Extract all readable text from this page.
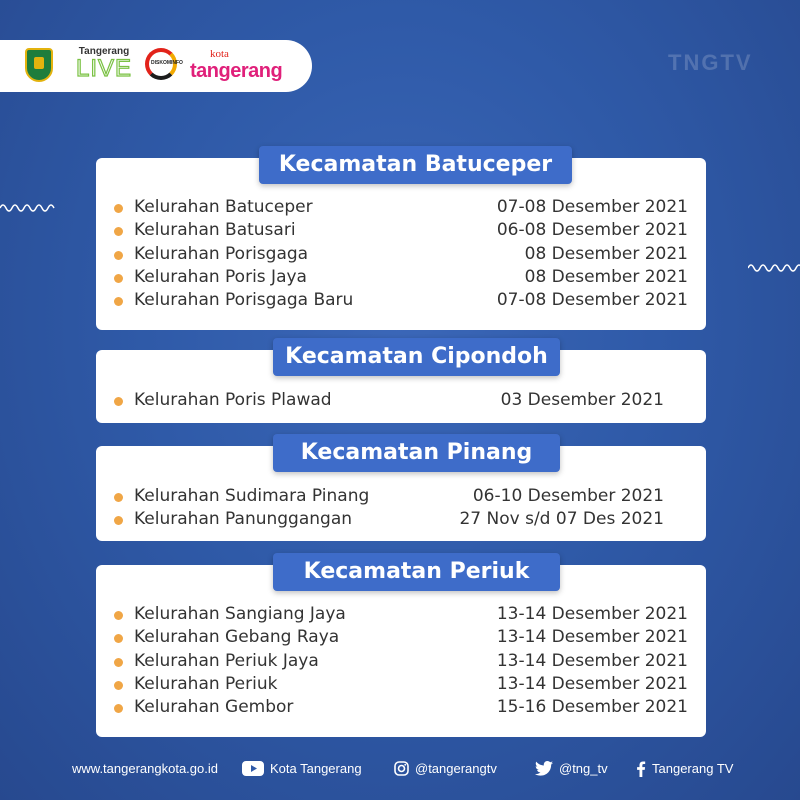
Tangerang
LIVE	DISKOMINFO
kota
tangerang	TNGTV
Kelurahan Batuceper	07-08 Desember 2021
Kelurahan Batusari	06-08 Desember 2021
Kelurahan Porisgaga	08 Desember 2021
Kelurahan Poris Jaya	08 Desember 2021
Kelurahan Porisgaga Baru	07-08 Desember 2021
Kecamatan Batuceper
Kelurahan Poris Plawad	03 Desember 2021
Kecamatan Cipondoh
Kelurahan Sudimara Pinang	06-10 Desember 2021
Kelurahan Panunggangan	27 Nov s/d 07 Des 2021
Kecamatan Pinang
Kelurahan Sangiang Jaya	13-14 Desember 2021
Kelurahan Gebang Raya	13-14 Desember 2021
Kelurahan Periuk Jaya	13-14 Desember 2021
Kelurahan Periuk	13-14 Desember 2021
Kelurahan Gembor	15-16 Desember 2021
Kecamatan Periuk
www.tangerangkota.go.id	Kota Tangerang	@tangerangtv	@tng_tv	Tangerang TV
